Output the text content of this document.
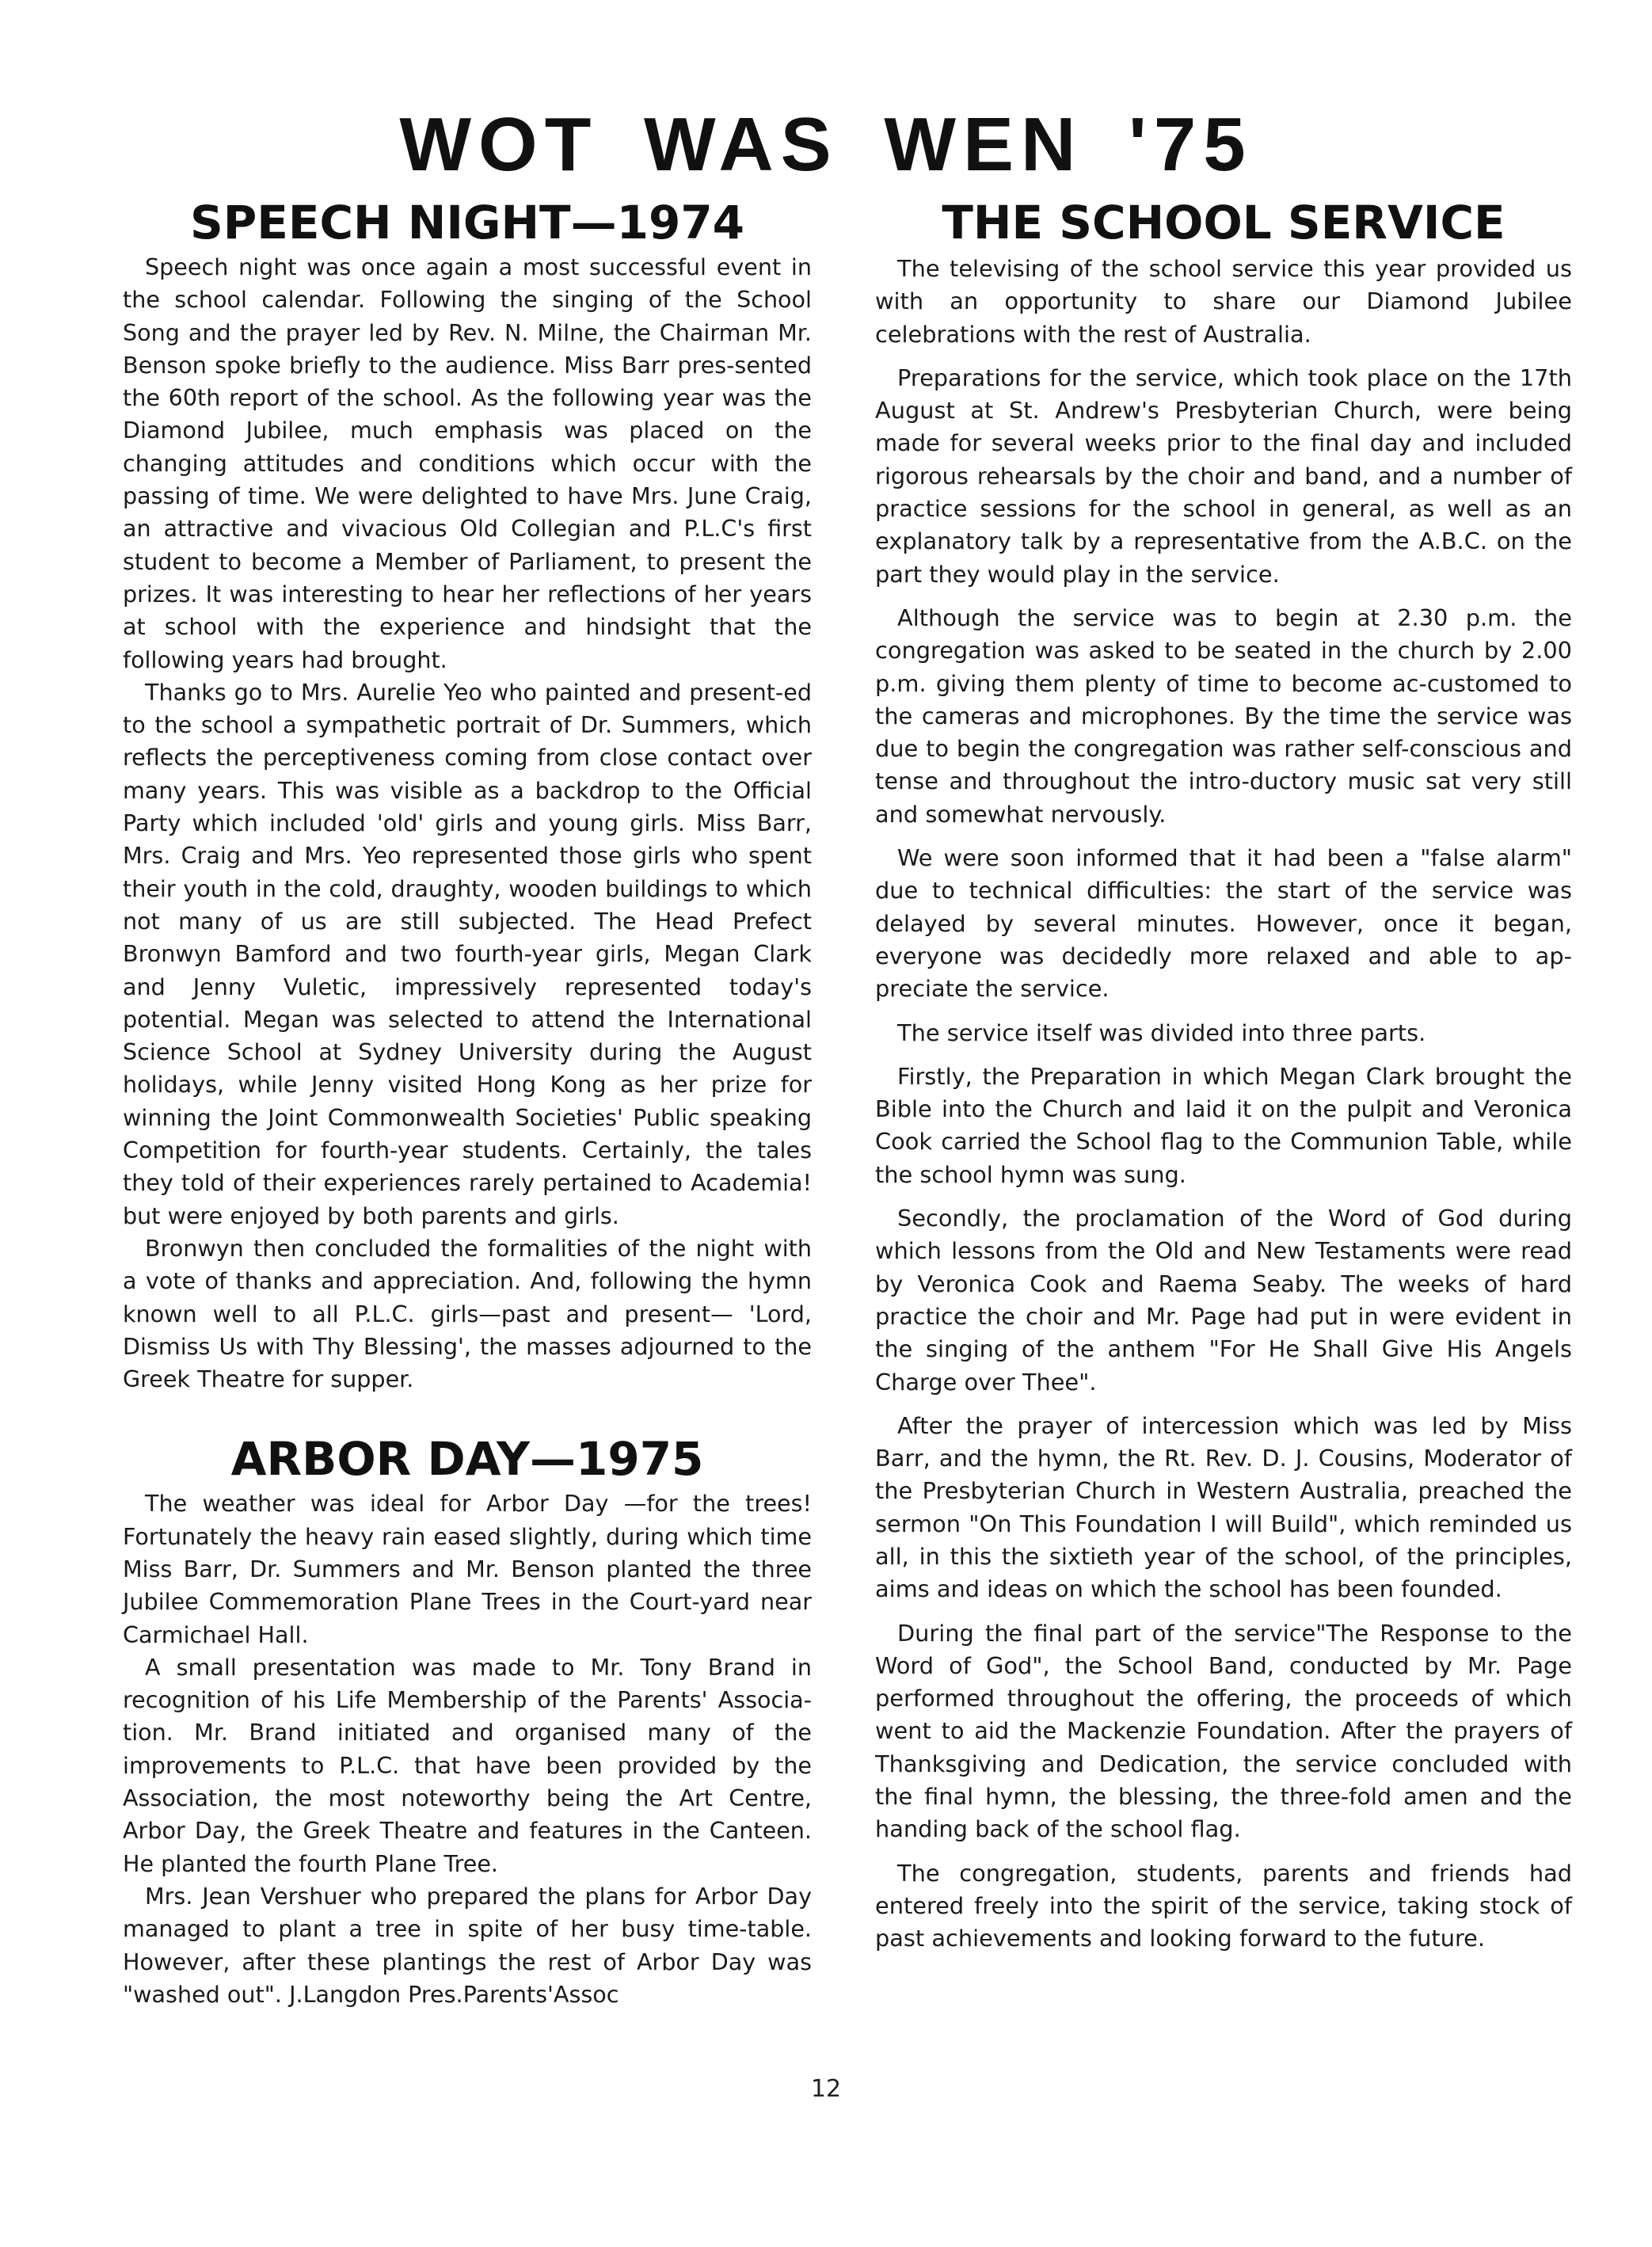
WOT WAS WEN '75
SPEECH NIGHT—1974

Speech night was once again a most successful event in the school calendar. Following the singing of the School Song and the prayer led by Rev. N. Milne, the Chairman Mr. Benson spoke briefly to the audience. Miss Barr pres-sented the 60th report of the school. As the following year was the Diamond Jubilee, much emphasis was placed on the changing attitudes and conditions which occur with the passing of time. We were delighted to have Mrs. June Craig, an attractive and vivacious Old Collegian and P.L.C's first student to become a Member of Parliament, to present the prizes. It was interesting to hear her reflections of her years at school with the experience and hindsight that the following years had brought.

Thanks go to Mrs. Aurelie Yeo who painted and present-ed to the school a sympathetic portrait of Dr. Summers, which reflects the perceptiveness coming from close contact over many years. This was visible as a backdrop to the Official Party which included 'old' girls and young girls. Miss Barr, Mrs. Craig and Mrs. Yeo represented those girls who spent their youth in the cold, draughty, wooden buildings to which not many of us are still subjected. The Head Prefect Bronwyn Bamford and two fourth-year girls, Megan Clark and Jenny Vuletic, impressively represented today's potential. Megan was selected to attend the International Science School at Sydney University during the August holidays, while Jenny visited Hong Kong as her prize for winning the Joint Commonwealth Societies' Public speaking Competition for fourth-year students. Certainly, the tales they told of their experiences rarely pertained to Academia! but were enjoyed by both parents and girls.

Bronwyn then concluded the formalities of the night with a vote of thanks and appreciation. And, following the hymn known well to all P.L.C. girls—past and present— 'Lord, Dismiss Us with Thy Blessing', the masses adjourned to the Greek Theatre for supper.

ARBOR DAY—1975

The weather was ideal for Arbor Day —for the trees! Fortunately the heavy rain eased slightly, during which time Miss Barr, Dr. Summers and Mr. Benson planted the three Jubilee Commemoration Plane Trees in the Court-yard near Carmichael Hall.

A small presentation was made to Mr. Tony Brand in recognition of his Life Membership of the Parents' Associa-tion. Mr. Brand initiated and organised many of the improvements to P.L.C. that have been provided by the Association, the most noteworthy being the Art Centre, Arbor Day, the Greek Theatre and features in the Canteen. He planted the fourth Plane Tree.

Mrs. Jean Vershuer who prepared the plans for Arbor Day managed to plant a tree in spite of her busy time-table. However, after these plantings the rest of Arbor Day was "washed out". J.Langdon Pres.Parents'Assoc

THE SCHOOL SERVICE

The televising of the school service this year provided us with an opportunity to share our Diamond Jubilee celebrations with the rest of Australia.

Preparations for the service, which took place on the 17th August at St. Andrew's Presbyterian Church, were being made for several weeks prior to the final day and included rigorous rehearsals by the choir and band, and a number of practice sessions for the school in general, as well as an explanatory talk by a representative from the A.B.C. on the part they would play in the service.

Although the service was to begin at 2.30 p.m. the congregation was asked to be seated in the church by 2.00 p.m. giving them plenty of time to become ac-customed to the cameras and microphones. By the time the service was due to begin the congregation was rather self-conscious and tense and throughout the intro-ductory music sat very still and somewhat nervously.

We were soon informed that it had been a "false alarm" due to technical difficulties: the start of the service was delayed by several minutes. However, once it began, everyone was decidedly more relaxed and able to ap-preciate the service.

The service itself was divided into three parts.

Firstly, the Preparation in which Megan Clark brought the Bible into the Church and laid it on the pulpit and Veronica Cook carried the School flag to the Communion Table, while the school hymn was sung.

Secondly, the proclamation of the Word of God during which lessons from the Old and New Testaments were read by Veronica Cook and Raema Seaby. The weeks of hard practice the choir and Mr. Page had put in were evident in the singing of the anthem "For He Shall Give His Angels Charge over Thee".

After the prayer of intercession which was led by Miss Barr, and the hymn, the Rt. Rev. D. J. Cousins, Moderator of the Presbyterian Church in Western Australia, preached the sermon "On This Foundation I will Build", which reminded us all, in this the sixtieth year of the school, of the principles, aims and ideas on which the school has been founded.

During the final part of the service"The Response to the Word of God", the School Band, conducted by Mr. Page performed throughout the offering, the proceeds of which went to aid the Mackenzie Foundation. After the prayers of Thanksgiving and Dedication, the service concluded with the final hymn, the blessing, the three-fold amen and the handing back of the school flag.

The congregation, students, parents and friends had entered freely into the spirit of the service, taking stock of past achievements and looking forward to the future.

12
